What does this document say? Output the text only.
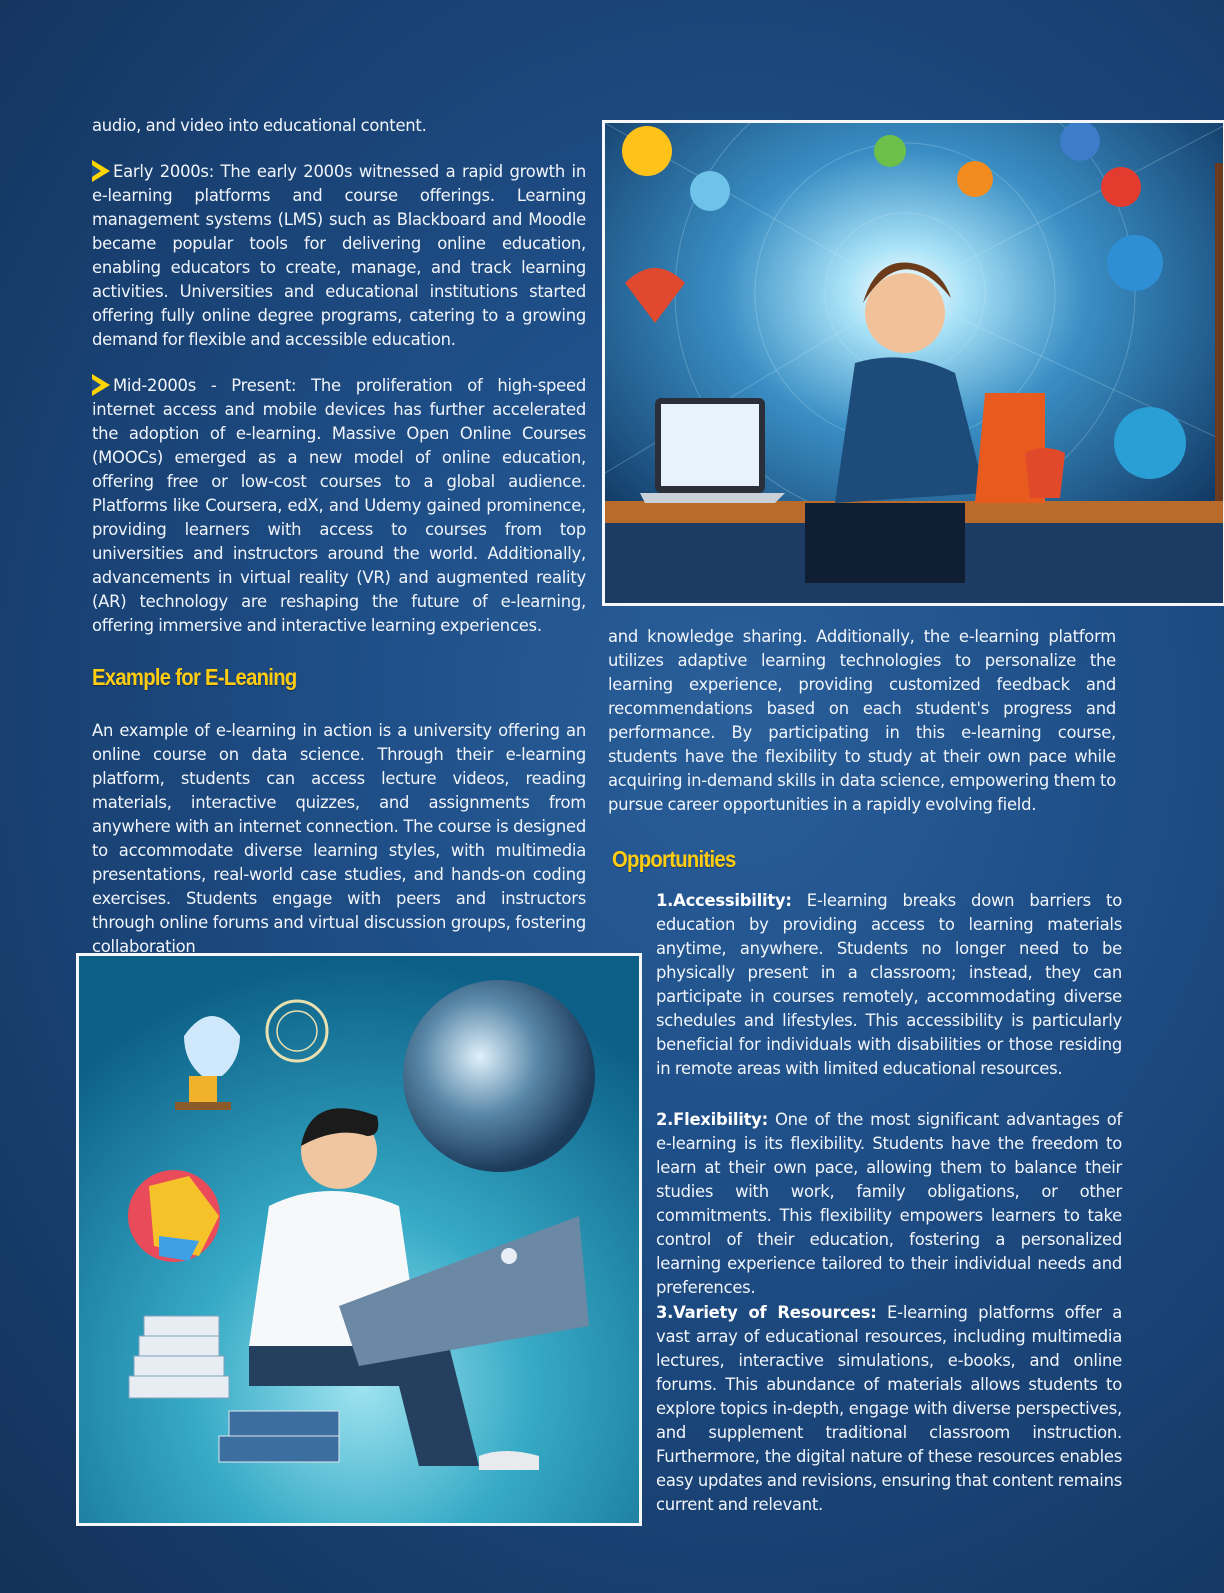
audio, and video into educational content.

Early 2000s: The early 2000s witnessed a rapid growth in e-learning platforms and course offerings. Learning management systems (LMS) such as Blackboard and Moodle became popular tools for delivering online education, enabling educators to create, manage, and track learning activities. Universities and educational institutions started offering fully online degree programs, catering to a growing demand for flexible and accessible education.

Mid-2000s - Present: The proliferation of high-speed internet access and mobile devices has further accelerated the adoption of e-learning. Massive Open Online Courses (MOOCs) emerged as a new model of online education, offering free or low-cost courses to a global audience. Platforms like Coursera, edX, and Udemy gained prominence, providing learners with access to courses from top universities and instructors around the world. Additionally, advancements in virtual reality (VR) and augmented reality (AR) technology are reshaping the future of e-learning, offering immersive and interactive learning experiences.

Example for E-Leaning

An example of e-learning in action is a university offering an online course on data science. Through their e-learning platform, students can access lecture videos, reading materials, interactive quizzes, and assignments from anywhere with an internet connection. The course is designed to accommodate diverse learning styles, with multimedia presentations, real-world case studies, and hands-on coding exercises. Students engage with peers and instructors through online forums and virtual discussion groups, fostering collaboration

and knowledge sharing. Additionally, the e-learning platform utilizes adaptive learning technologies to personalize the learning experience, providing customized feedback and recommendations based on each student's progress and performance. By participating in this e-learning course, students have the flexibility to study at their own pace while acquiring in-demand skills in data science, empowering them to pursue career opportunities in a rapidly evolving field.

Opportunities

1.Accessibility: E-learning breaks down barriers to education by providing access to learning materials anytime, anywhere. Students no longer need to be physically present in a classroom; instead, they can participate in courses remotely, accommodating diverse schedules and lifestyles. This accessibility is particularly beneficial for individuals with disabilities or those residing in remote areas with limited educational resources.

2.Flexibility: One of the most significant advantages of e-learning is its flexibility. Students have the freedom to learn at their own pace, allowing them to balance their studies with work, family obligations, or other commitments. This flexibility empowers learners to take control of their education, fostering a personalized learning experience tailored to their individual needs and preferences.

3.Variety of Resources: E-learning platforms offer a vast array of educational resources, including multimedia lectures, interactive simulations, e-books, and online forums. This abundance of materials allows students to explore topics in-depth, engage with diverse perspectives, and supplement traditional classroom instruction. Furthermore, the digital nature of these resources enables easy updates and revisions, ensuring that content remains current and relevant.
